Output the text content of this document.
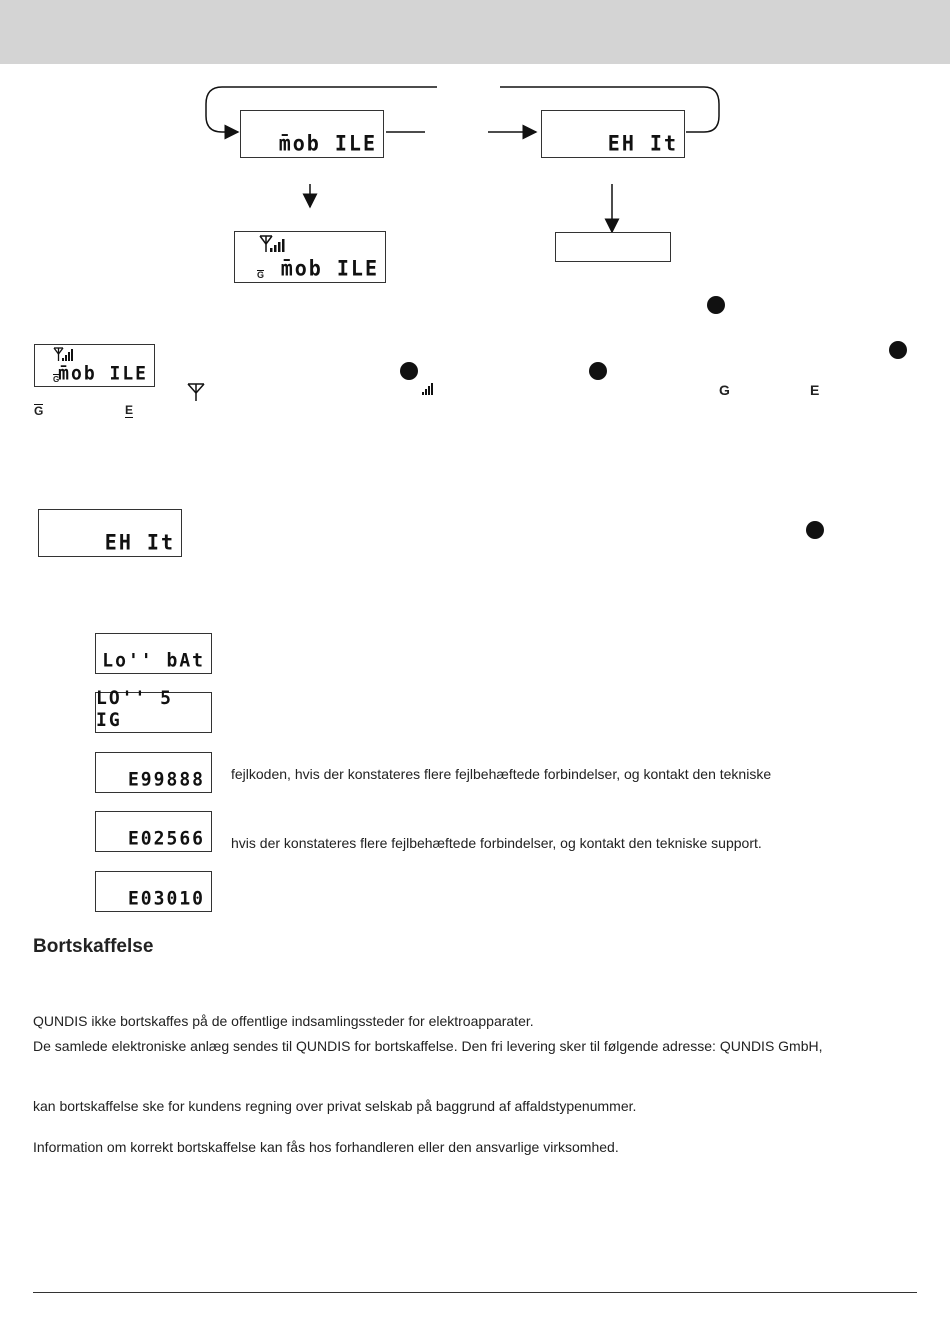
m̄ob ILE	EH It
G m̄ob ILE
G
m̄ob ILE
G	E
G	E
EH It
Lo'' bAt
LO'' 5 IG
E99888 fejlkoden, hvis der konstateres flere fejlbehæftede forbindelser, og kontakt den tekniske
E02566 hvis der konstateres flere fejlbehæftede forbindelser, og kontakt den tekniske support.
E03010
Bortskaffelse
QUNDIS ikke bortskaffes på de offentlige indsamlingssteder for elektroapparater.
De samlede elektroniske anlæg sendes til QUNDIS for bortskaffelse. Den fri levering sker til følgende adresse: QUNDIS GmbH,
kan bortskaffelse ske for kundens regning over privat selskab på baggrund af affaldstypenummer.
Information om korrekt bortskaffelse kan fås hos forhandleren eller den ansvarlige virksomhed.
